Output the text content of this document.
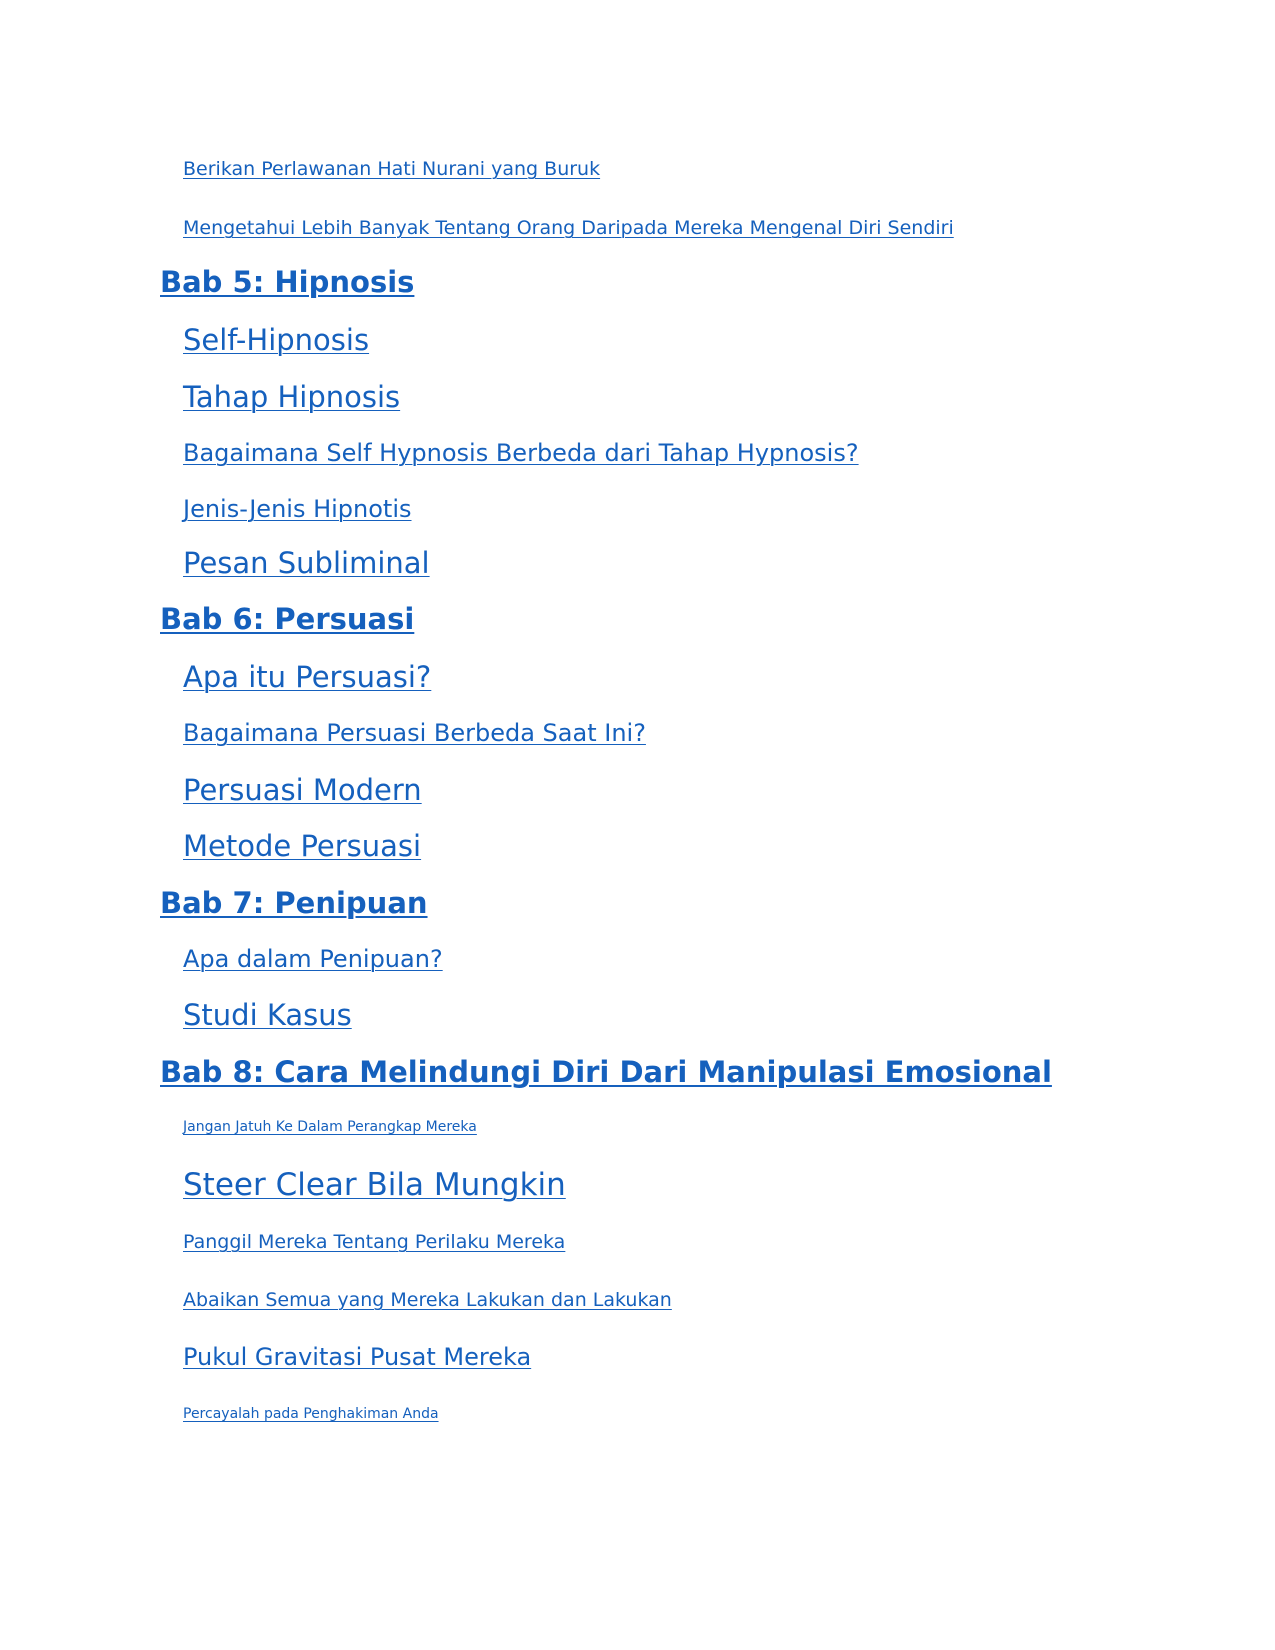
Berikan Perlawanan Hati Nurani yang Buruk
Mengetahui Lebih Banyak Tentang Orang Daripada Mereka Mengenal Diri Sendiri
Bab 5: Hipnosis
Self-Hipnosis
Tahap Hipnosis
Bagaimana Self Hypnosis Berbeda dari Tahap Hypnosis?
Jenis-Jenis Hipnotis
Pesan Subliminal
Bab 6: Persuasi
Apa itu Persuasi?
Bagaimana Persuasi Berbeda Saat Ini?
Persuasi Modern
Metode Persuasi
Bab 7: Penipuan
Apa dalam Penipuan?
Studi Kasus
Bab 8: Cara Melindungi Diri Dari Manipulasi Emosional
Jangan Jatuh Ke Dalam Perangkap Mereka
Steer Clear Bila Mungkin
Panggil Mereka Tentang Perilaku Mereka
Abaikan Semua yang Mereka Lakukan dan Lakukan
Pukul Gravitasi Pusat Mereka
Percayalah pada Penghakiman Anda
